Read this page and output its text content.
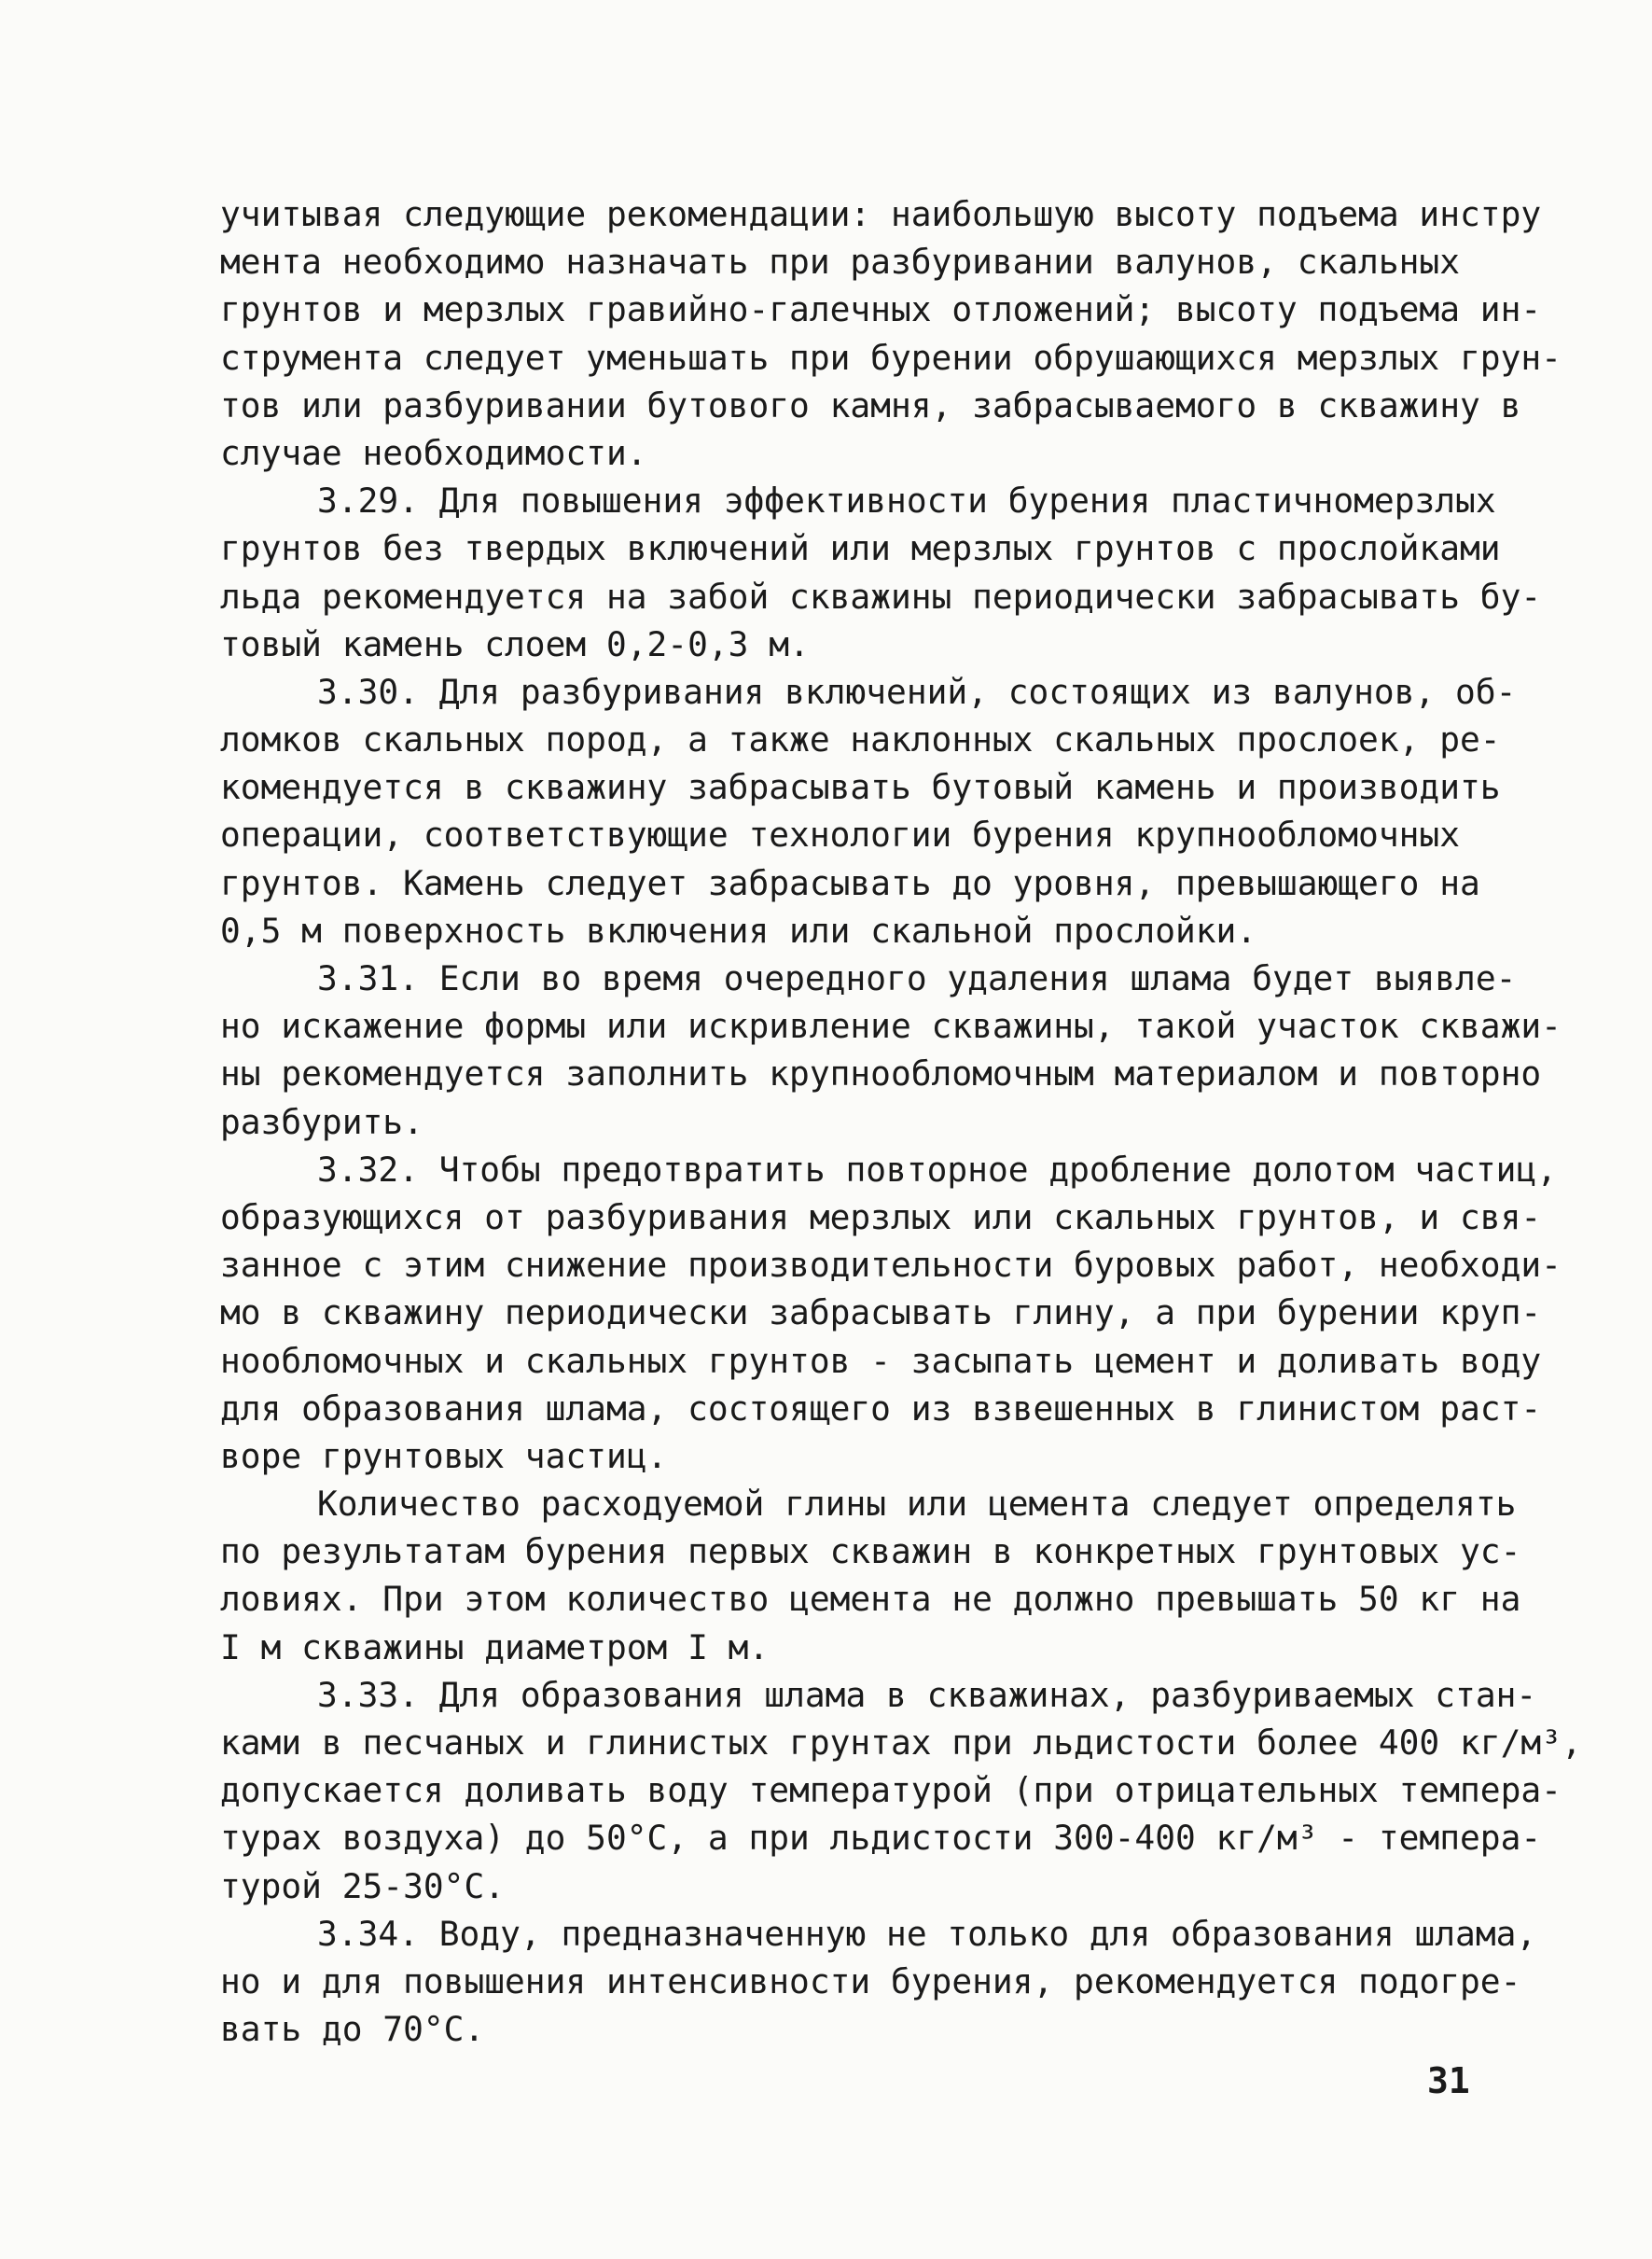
учитывая следующие рекомендации: наибольшую высоту подъема инстру
мента необходимо назначать при разбуривании валунов, скальных
грунтов и мерзлых гравийно-галечных отложений; высоту подъема ин-
струмента следует уменьшать при бурении обрушающихся мерзлых грун-
тов или разбуривании бутового камня, забрасываемого в скважину в
случае необходимости.
3.29. Для повышения эффективности бурения пластичномерзлых
грунтов без твердых включений или мерзлых грунтов с прослойками
льда рекомендуется на забой скважины периодически забрасывать бу-
товый камень слоем 0,2-0,3 м.
3.30. Для разбуривания включений, состоящих из валунов, об-
ломков скальных пород, а также наклонных скальных прослоек, ре-
комендуется в скважину забрасывать бутовый камень и производить
операции, соответствующие технологии бурения крупнообломочных
грунтов. Камень следует забрасывать до уровня, превышающего на
0,5 м поверхность включения или скальной прослойки.
3.31. Если во время очередного удаления шлама будет выявле-
но искажение формы или искривление скважины, такой участок скважи-
ны рекомендуется заполнить крупнообломочным материалом и повторно
разбурить.
3.32. Чтобы предотвратить повторное дробление долотом частиц,
образующихся от разбуривания мерзлых или скальных грунтов, и свя-
занное с этим снижение производительности буровых работ, необходи-
мо в скважину периодически забрасывать глину, а при бурении круп-
нообломочных и скальных грунтов - засыпать цемент и доливать воду
для образования шлама, состоящего из взвешенных в глинистом раст-
воре грунтовых частиц.
Количество расходуемой глины или цемента следует определять
по результатам бурения первых скважин в конкретных грунтовых ус-
ловиях. При этом количество цемента не должно превышать 50 кг на
I м скважины диаметром I м.
3.33. Для образования шлама в скважинах, разбуриваемых стан-
ками в песчаных и глинистых грунтах при льдистости более 400 кг/м³,
допускается доливать воду температурой (при отрицательных темпера-
турах воздуха) до 50°С, а при льдистости 300-400 кг/м³ - темпера-
турой 25-30°С.
3.34. Воду, предназначенную не только для образования шлама,
но и для повышения интенсивности бурения, рекомендуется подогре-
вать до 70°С.
31
